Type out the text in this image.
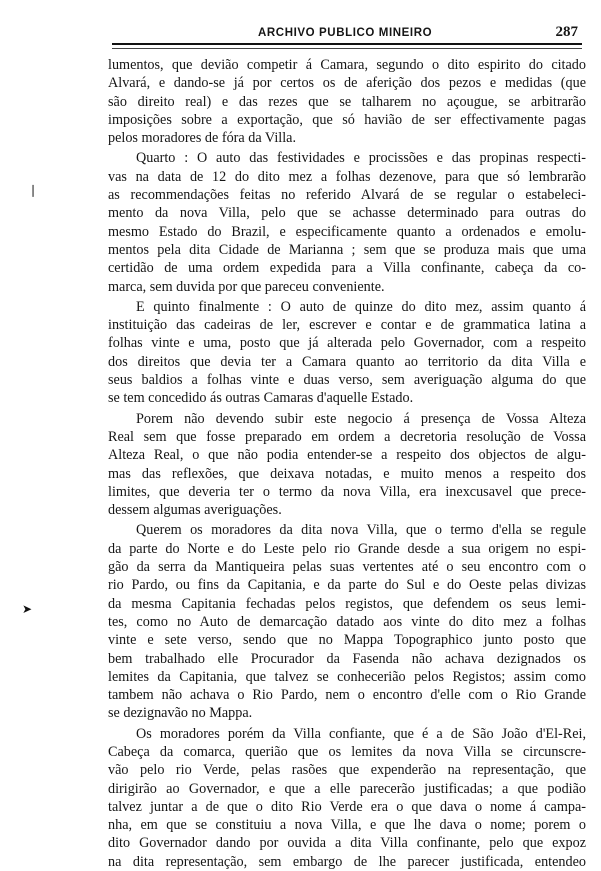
ARCHIVO PUBLICO MINEIRO	287
❘
➤
lumentos, que devião competir á Camara, segundo o dito espirito do citado
Alvará, e dando-se já por certos os de aferição dos pezos e medidas (que
são direito real) e das rezes que se talharem no açougue, se arbitrarão
imposições sobre a exportação, que só havião de ser effectivamente pagas
pelos moradores de fóra da Villa.
Quarto : O auto das festividades e procissões e das propinas respecti-
vas na data de 12 do dito mez a folhas dezenove, para que só lembrarão
as recommendações feitas no referido Alvará de se regular o estabeleci-
mento da nova Villa, pelo que se achasse determinado para outras do
mesmo Estado do Brazil, e especificamente quanto a ordenados e emolu-
mentos pela dita Cidade de Marianna ; sem que se produza mais que uma
certidão de uma ordem expedida para a Villa confinante, cabeça da co-
marca, sem duvida por que pareceu conveniente.
E quinto finalmente : O auto de quinze do dito mez, assim quanto á
instituição das cadeiras de ler, escrever e contar e de grammatica latina a
folhas vinte e uma, posto que já alterada pelo Governador, com a respeito
dos direitos que devia ter a Camara quanto ao territorio da dita Villa e
seus baldios a folhas vinte e duas verso, sem averiguação alguma do que
se tem concedido ás outras Camaras d'aquelle Estado.
Porem não devendo subir este negocio á presença de Vossa Alteza
Real sem que fosse preparado em ordem a decretoria resolução de Vossa
Alteza Real, o que não podia entender-se a respeito dos objectos de algu-
mas das reflexões, que deixava notadas, e muito menos a respeito dos
limites, que deveria ter o termo da nova Villa, era inexcusavel que prece-
dessem algumas averiguações.
Querem os moradores da dita nova Villa, que o termo d'ella se regule
da parte do Norte e do Leste pelo rio Grande desde a sua origem no espi-
gão da serra da Mantiqueira pelas suas vertentes até o seu encontro com o
rio Pardo, ou fins da Capitania, e da parte do Sul e do Oeste pelas divizas
da mesma Capitania fechadas pelos registos, que defendem os seus lemi-
tes, como no Auto de demarcação datado aos vinte do dito mez a folhas
vinte e sete verso, sendo que no Mappa Topographico junto posto que
bem trabalhado elle Procurador da Fasenda não achava dezignados os
lemites da Capitania, que talvez se conhecerião pelos Registos; assim como
tambem não achava o Rio Pardo, nem o encontro d'elle com o Rio Grande
se dezignavão no Mappa.
Os moradores porém da Villa confiante, que é a de São João d'El-Rei,
Cabeça da comarca, querião que os lemites da nova Villa se circunscre-
vão pelo rio Verde, pelas rasões que expenderão na representação, que
dirigirão ao Governador, e que a elle parecerão justificadas; a que podião
talvez juntar a de que o dito Rio Verde era o que dava o nome á campa-
nha, em que se constituiu a nova Villa, e que lhe dava o nome; porem o
dito Governador dando por ouvida a dita Villa confinante, pelo que expoz
na dita representação, sem embargo de lhe parecer justificada, entendeo
